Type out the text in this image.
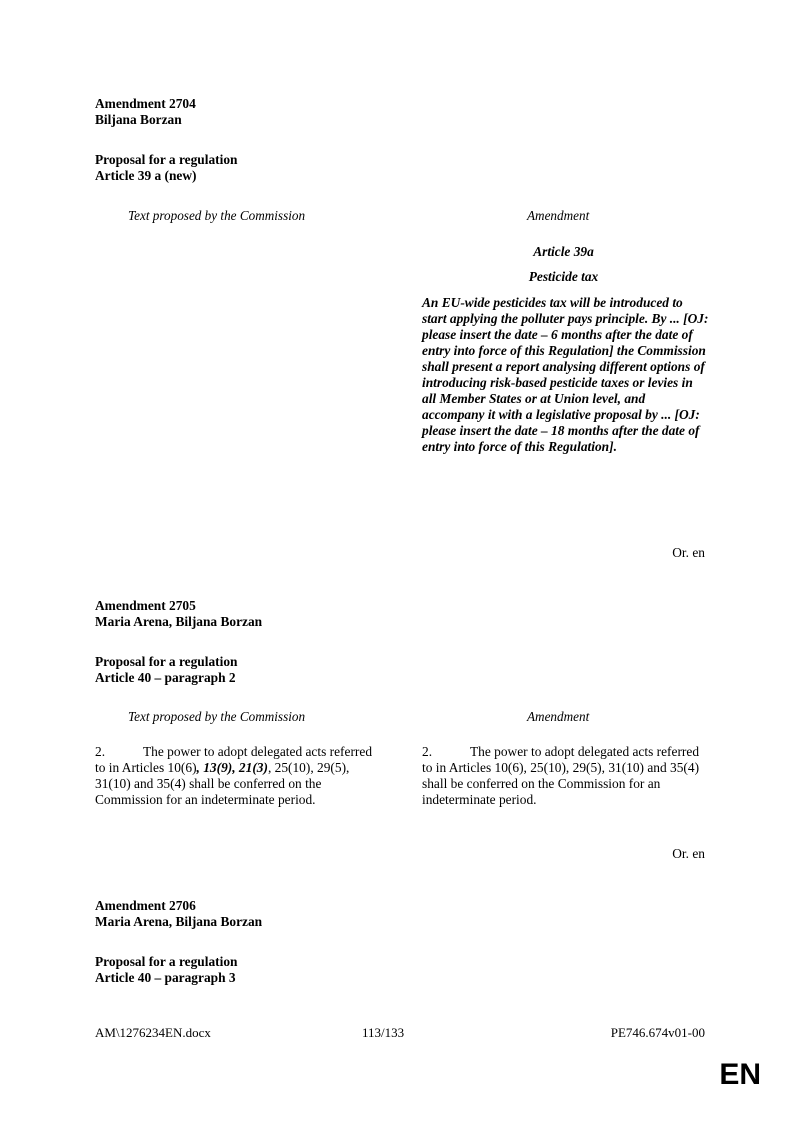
Amendment 2704
Biljana Borzan
Proposal for a regulation
Article 39 a (new)
Text proposed by the Commission	Amendment
Article 39a
Pesticide tax
An EU-wide pesticides tax will be introduced to start applying the polluter pays principle. By ... [OJ: please insert the date – 6 months after the date of entry into force of this Regulation] the Commission shall present a report analysing different options of introducing risk-based pesticide taxes or levies in all Member States or at Union level, and accompany it with a legislative proposal by ... [OJ: please insert the date – 18 months after the date of entry into force of this Regulation].
Or. en
Amendment 2705
Maria Arena, Biljana Borzan
Proposal for a regulation
Article 40 – paragraph 2
Text proposed by the Commission	Amendment
2.	The power to adopt delegated acts referred to in Articles 10(6), 13(9), 21(3), 25(10), 29(5), 31(10) and 35(4) shall be conferred on the Commission for an indeterminate period.
2.	The power to adopt delegated acts referred to in Articles 10(6), 25(10), 29(5), 31(10) and 35(4) shall be conferred on the Commission for an indeterminate period.
Or. en
Amendment 2706
Maria Arena, Biljana Borzan
Proposal for a regulation
Article 40 – paragraph 3
AM\1276234EN.docx	113/133	PE746.674v01-00
EN
